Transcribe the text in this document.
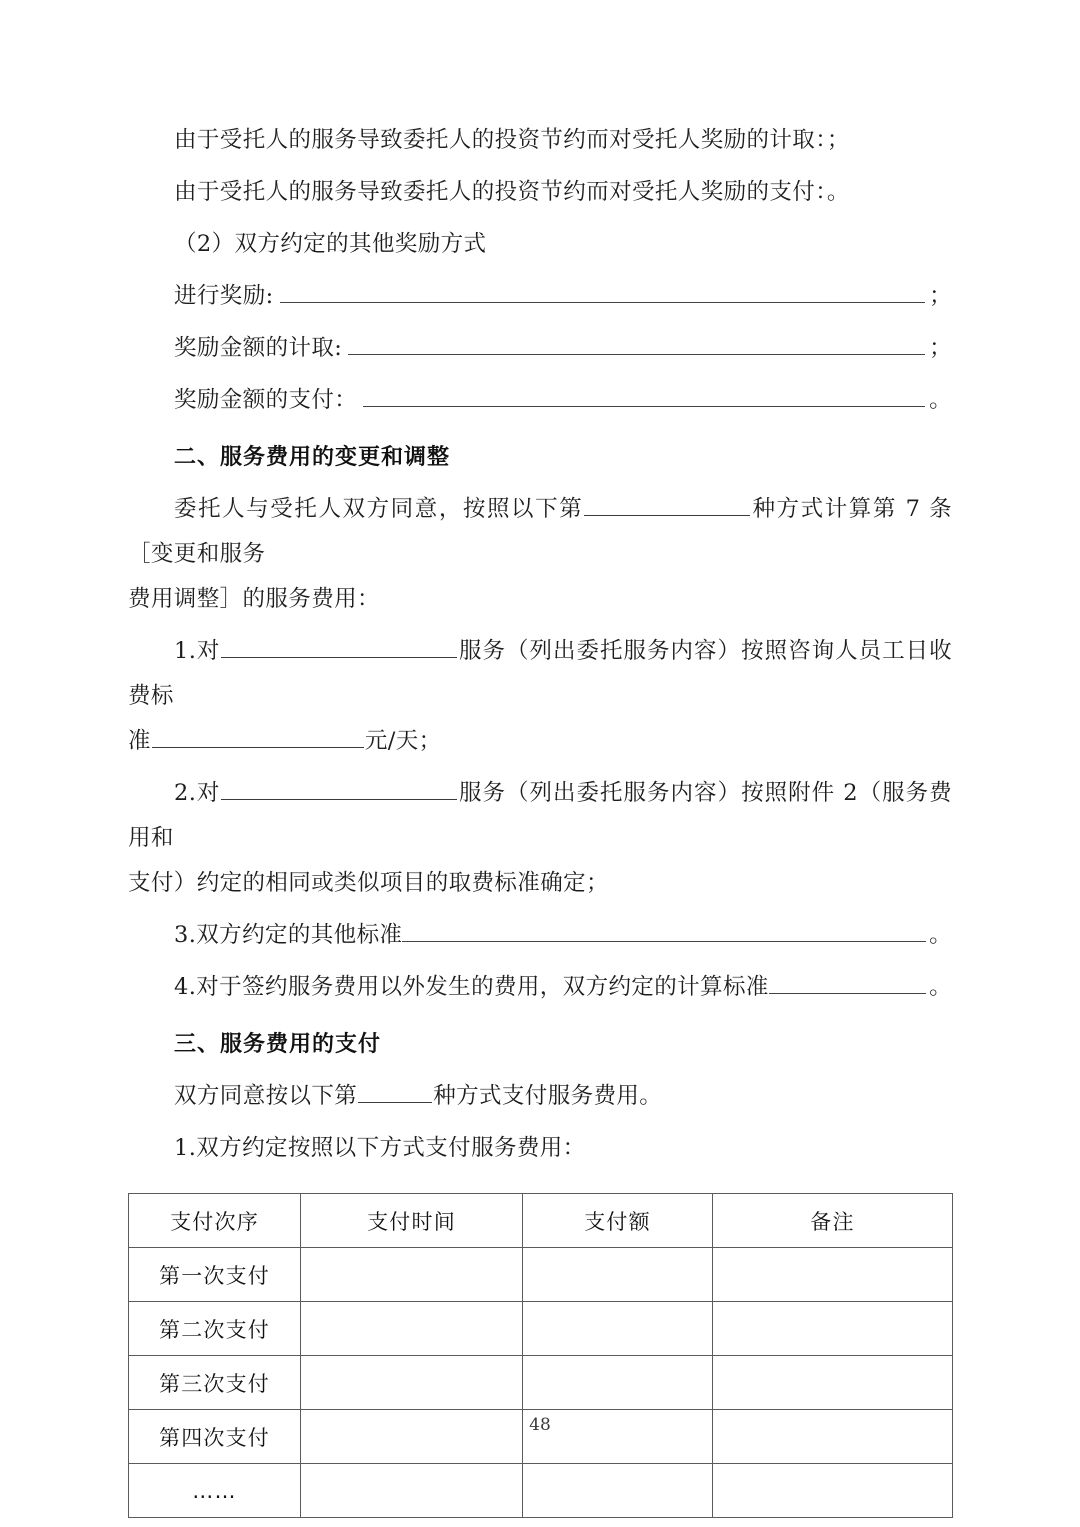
由于受托人的服务导致委托人的投资节约而对受托人奖励的计取：；

由于受托人的服务导致委托人的投资节约而对受托人奖励的支付：。

（2）双方约定的其他奖励方式

进行奖励:	；
奖励金额的计取:	；
奖励金额的支付：	。

二、服务费用的变更和调整

委托人与受托人双方同意，按照以下第	种方式计算第 7 条［变更和服务

费用调整］的服务费用：

1.对	服务（列出委托服务内容）按照咨询人员工日收费标

准	元/天；

2.对	服务（列出委托服务内容）按照附件 2（服务费用和

支付）约定的相同或类似项目的取费标准确定；

3.双方约定的其他标准	。
4.对于签约服务费用以外发生的费用，双方约定的计算标准	。

三、服务费用的支付

双方同意按以下第	种方式支付服务费用。

1.双方约定按照以下方式支付服务费用：

支付次序	支付时间	支付额	备注
第一次支付			
第二次支付			
第三次支付			
第四次支付			
……			
48
